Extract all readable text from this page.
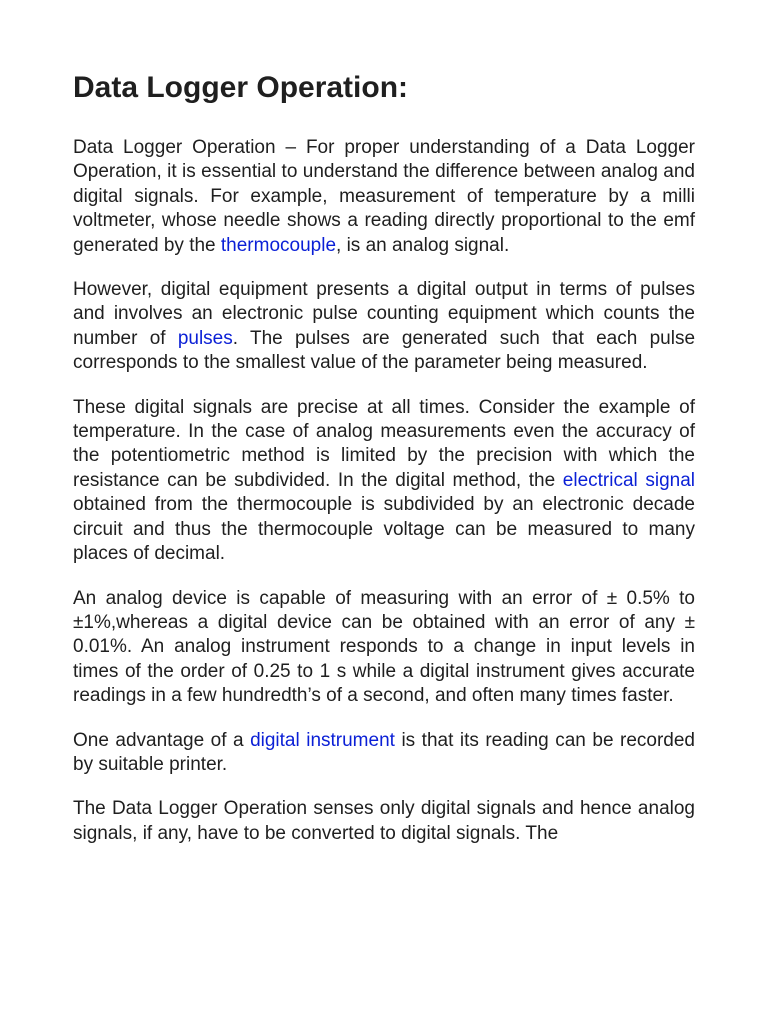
Data Logger Operation:

Data Logger Operation – For proper understanding of a Data Logger Operation, it is essential to understand the difference between analog and digital signals. For example, measurement of temperature by a milli voltmeter, whose needle shows a reading directly proportional to the emf generated by the thermocouple, is an analog signal.

However, digital equipment presents a digital output in terms of pulses and involves an electronic pulse counting equipment which counts the number of pulses. The pulses are generated such that each pulse corresponds to the smallest value of the parameter being measured.

These digital signals are precise at all times. Consider the example of temperature. In the case of analog measurements even the accuracy of the potentiometric method is limited by the precision with which the resistance can be subdivided. In the digital method, the electrical signal obtained from the thermocouple is subdivided by an electronic decade circuit and thus the thermocouple voltage can be measured to many places of decimal.

An analog device is capable of measuring with an error of ± 0.5% to ±1%,whereas a digital device can be obtained with an error of any ± 0.01%. An analog instrument responds to a change in input levels in times of the order of 0.25 to 1 s while a digital instrument gives accurate readings in a few hundredth’s of a second, and often many times faster.

One advantage of a digital instrument is that its reading can be recorded by suitable printer.

The Data Logger Operation senses only digital signals and hence analog signals, if any, have to be converted to digital signals. The
